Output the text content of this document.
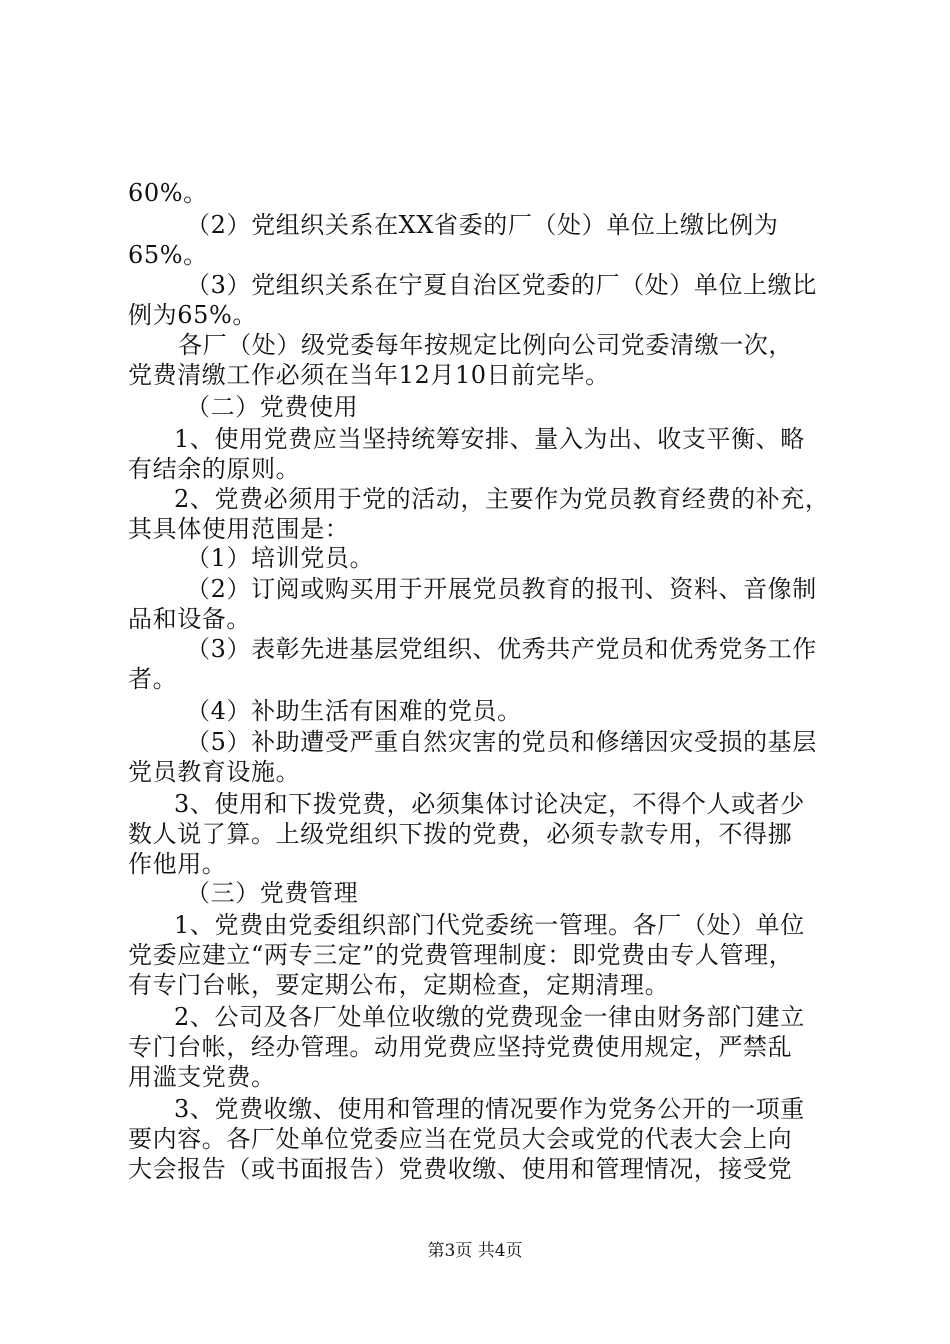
60%。
（2）党组织关系在XX省委的厂（处）单位上缴比例为
65%。
（3）党组织关系在宁夏自治区党委的厂（处）单位上缴比
例为65%。
各厂（处）级党委每年按规定比例向公司党委清缴一次，
党费清缴工作必须在当年12月10日前完毕。
（二）党费使用
1、使用党费应当坚持统筹安排、量入为出、收支平衡、略
有结余的原则。
2、党费必须用于党的活动，主要作为党员教育经费的补充，
其具体使用范围是：
（1）培训党员。
（2）订阅或购买用于开展党员教育的报刊、资料、音像制
品和设备。
（3）表彰先进基层党组织、优秀共产党员和优秀党务工作
者。
（4）补助生活有困难的党员。
（5）补助遭受严重自然灾害的党员和修缮因灾受损的基层
党员教育设施。
3、使用和下拨党费，必须集体讨论决定，不得个人或者少
数人说了算。上级党组织下拨的党费，必须专款专用，不得挪
作他用。
（三）党费管理
1、党费由党委组织部门代党委统一管理。各厂（处）单位
党委应建立“两专三定”的党费管理制度：即党费由专人管理，
有专门台帐，要定期公布，定期检查，定期清理。
2、公司及各厂处单位收缴的党费现金一律由财务部门建立
专门台帐，经办管理。动用党费应坚持党费使用规定，严禁乱
用滥支党费。
3、党费收缴、使用和管理的情况要作为党务公开的一项重
要内容。各厂处单位党委应当在党员大会或党的代表大会上向
大会报告（或书面报告）党费收缴、使用和管理情况，接受党
第3页 共4页
